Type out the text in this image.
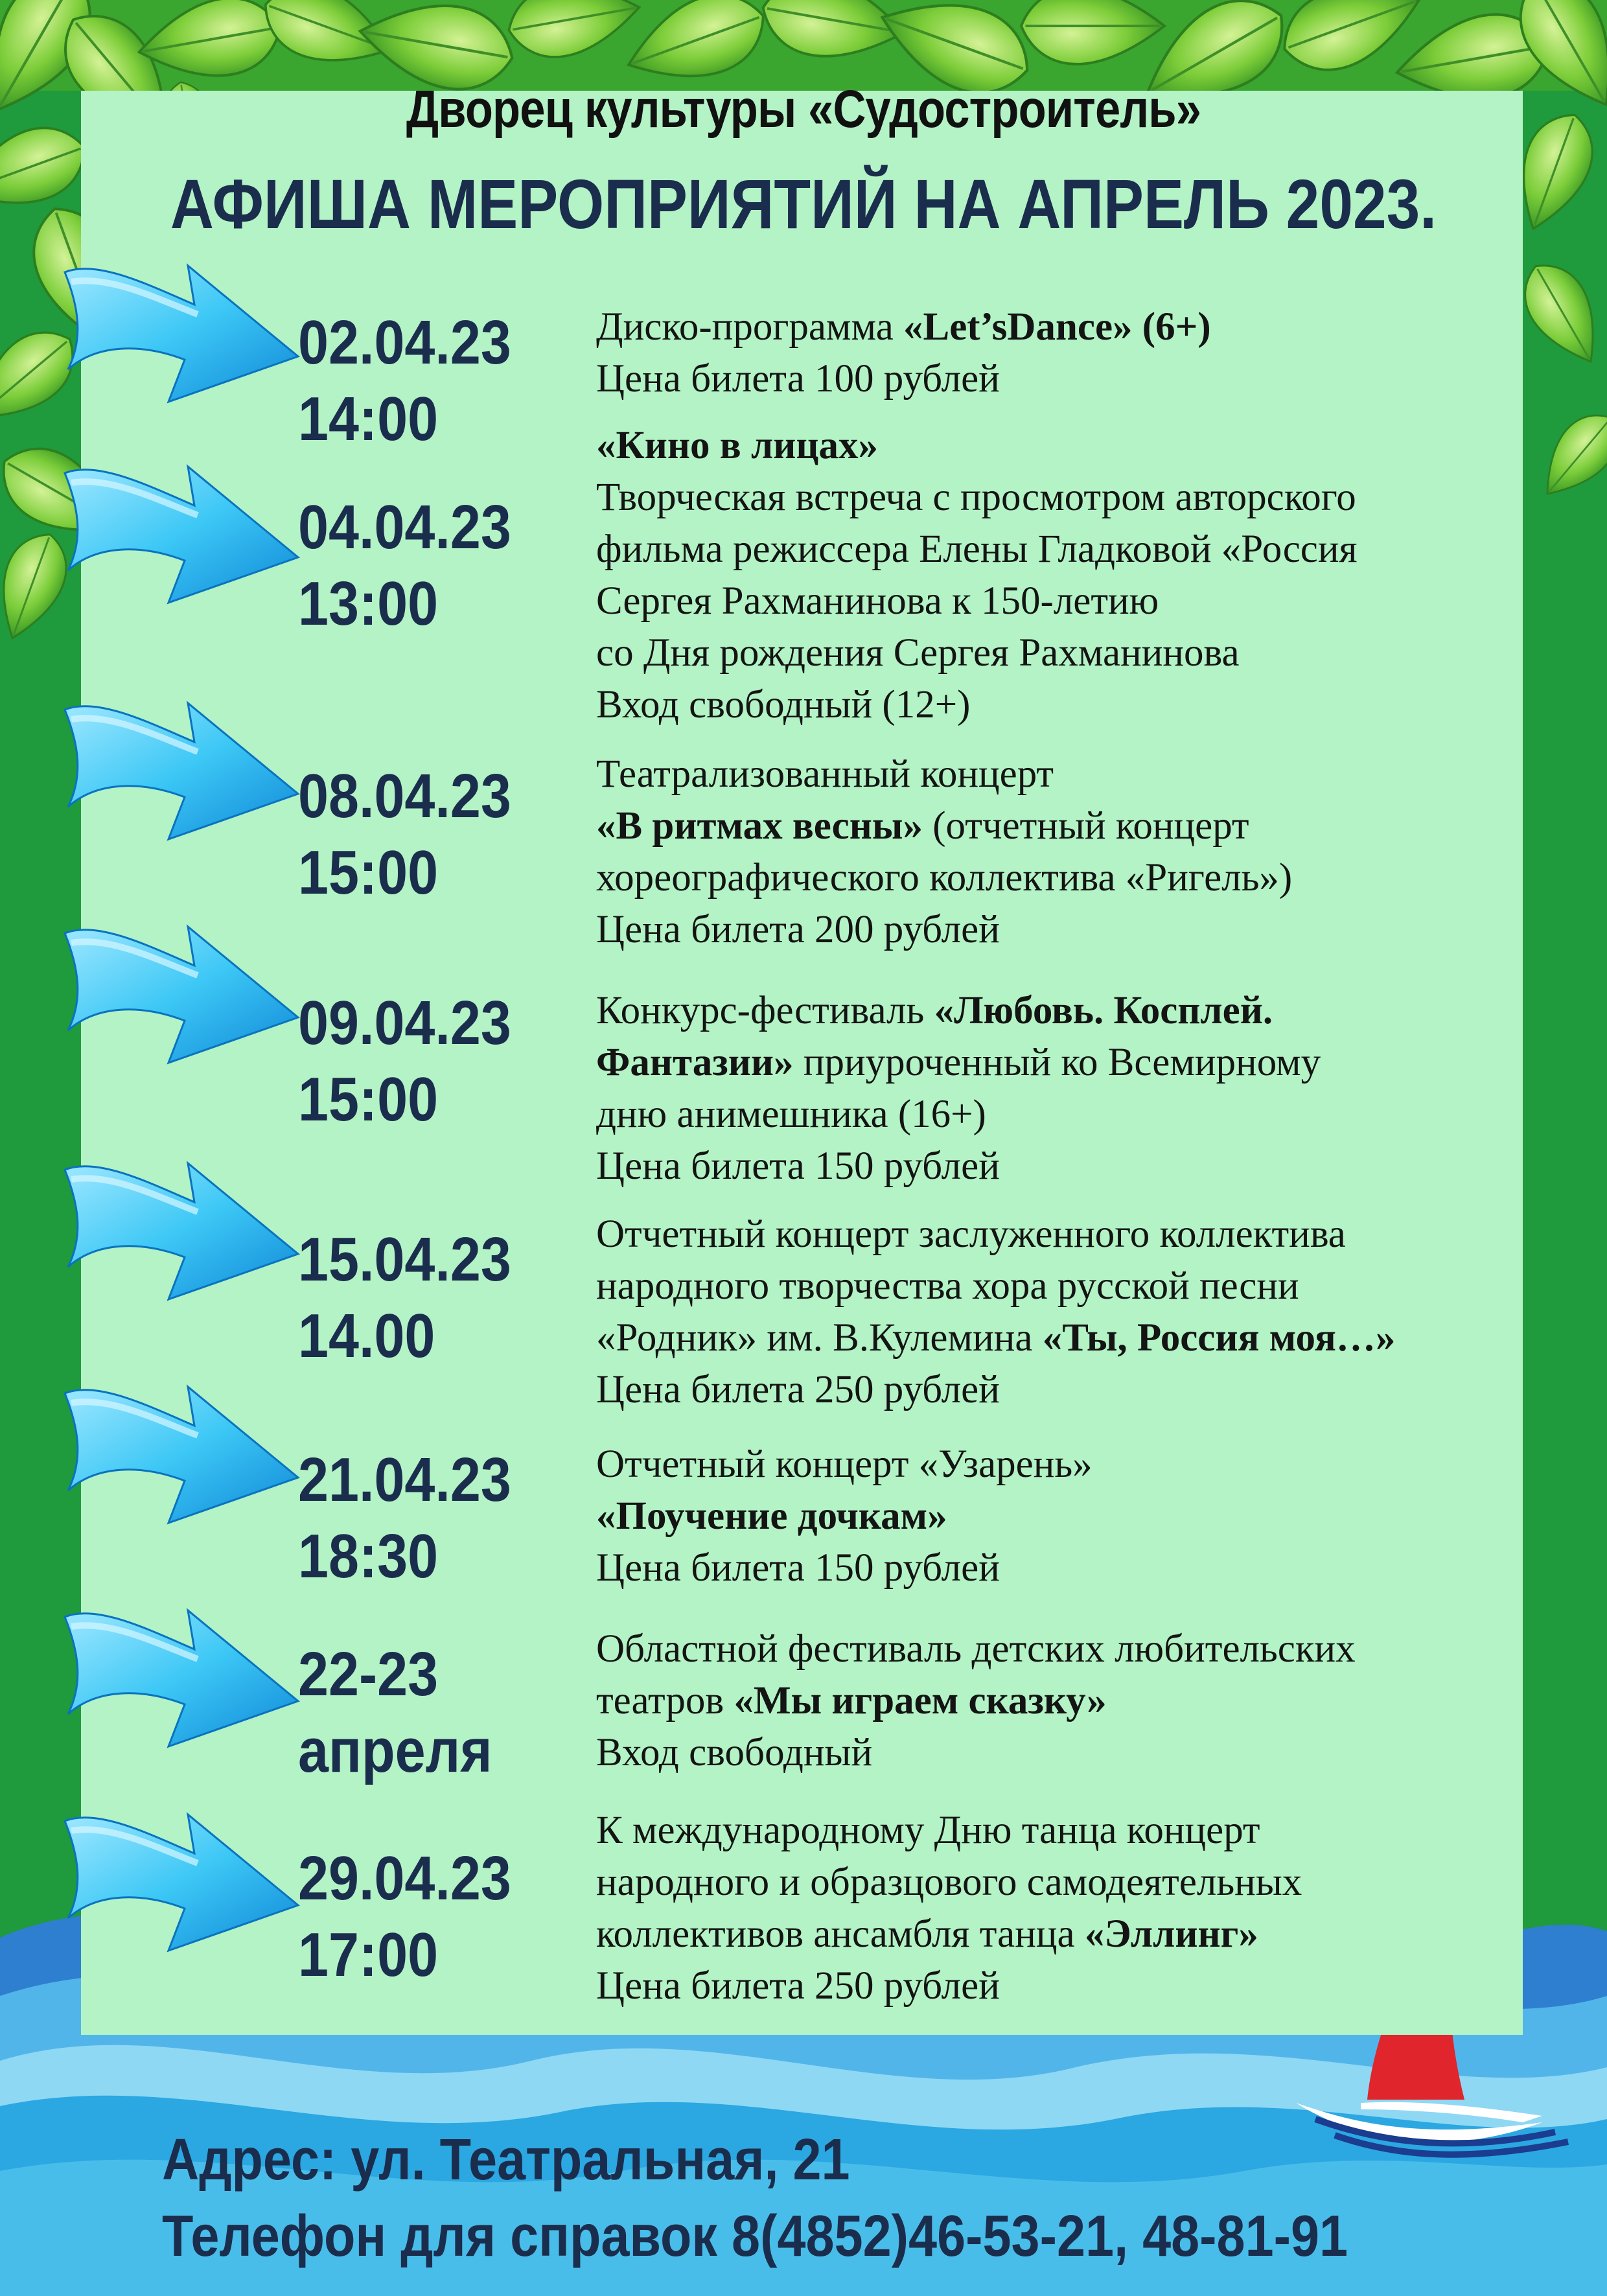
Дворец культуры «Судостроитель»
АФИША МЕРОПРИЯТИЙ НА АПРЕЛЬ 2023.
02.04.23
14:00
Диско-программа «Let’sDance» (6+)
Цена билета 100 рублей
04.04.23
13:00
«Кино в лицах»
Творческая встреча с просмотром авторского
фильма режиссера Елены Гладковой «Россия
Сергея Рахманинова к 150-летию
со Дня рождения Сергея Рахманинова
Вход свободный (12+)
08.04.23
15:00
Театрализованный концерт
«В ритмах весны» (отчетный концерт
хореографического коллектива «Ригель»)
Цена билета 200 рублей
09.04.23
15:00
Конкурс-фестиваль «Любовь. Косплей.
Фантазии» приуроченный ко Всемирному
дню анимешника (16+)
Цена билета 150 рублей
15.04.23
14.00
Отчетный концерт заслуженного коллектива
народного творчества хора русской песни
«Родник» им. В.Кулемина «Ты, Россия моя…»
Цена билета 250 рублей
21.04.23
18:30
Отчетный концерт «Узарень»
«Поучение дочкам»
Цена билета 150 рублей
22-23
апреля
Областной фестиваль детских любительских
театров «Мы играем сказку»
Вход свободный
29.04.23
17:00
К международному Дню танца концерт
народного и образцового самодеятельных
коллективов ансамбля танца «Эллинг»
Цена билета 250 рублей
Адрес: ул. Театральная, 21
Телефон для справок 8(4852)46-53-21, 48-81-91
